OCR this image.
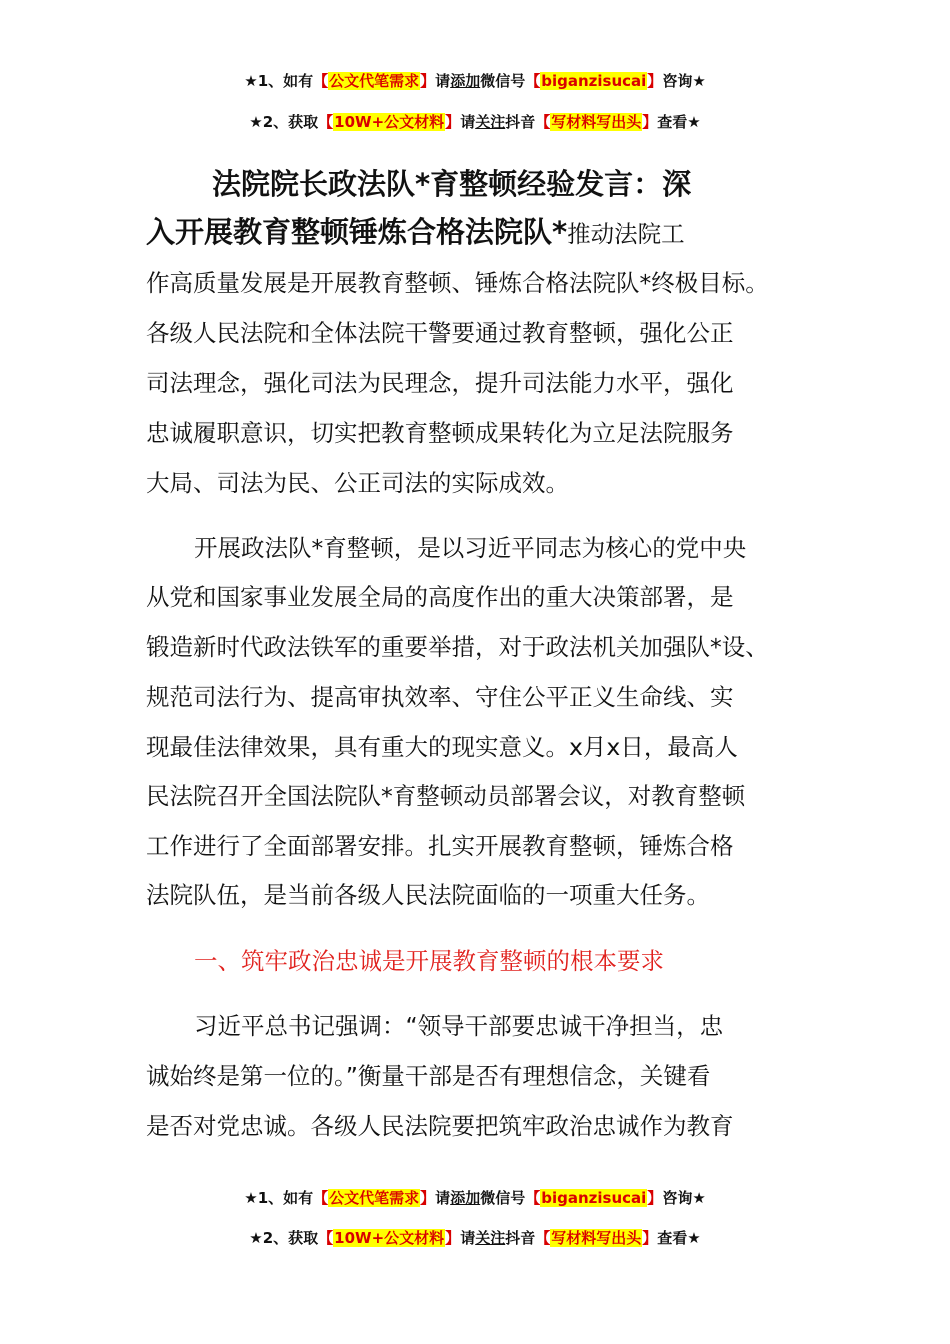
★1、如有【公文代笔需求】请添加微信号【biganzisucai】咨询★
★2、获取【10W+公文材料】请关注抖音【写材料写出头】查看★
法院院长政法队*育整顿经验发言：深
入开展教育整顿锤炼合格法院队*推动法院工
作高质量发展是开展教育整顿、锤炼合格法院队*终极目标。
各级人民法院和全体法院干警要通过教育整顿，强化公正
司法理念，强化司法为民理念，提升司法能力水平，强化
忠诚履职意识，切实把教育整顿成果转化为立足法院服务
大局、司法为民、公正司法的实际成效。
开展政法队*育整顿，是以习近平同志为核心的党中央
从党和国家事业发展全局的高度作出的重大决策部署，是
锻造新时代政法铁军的重要举措，对于政法机关加强队*设、
规范司法行为、提高审执效率、守住公平正义生命线、实
现最佳法律效果，具有重大的现实意义。x月x日，最高人
民法院召开全国法院队*育整顿动员部署会议，对教育整顿
工作进行了全面部署安排。扎实开展教育整顿，锤炼合格
法院队伍，是当前各级人民法院面临的一项重大任务。
一、筑牢政治忠诚是开展教育整顿的根本要求
习近平总书记强调：“领导干部要忠诚干净担当，忠
诚始终是第一位的。”衡量干部是否有理想信念，关键看
是否对党忠诚。各级人民法院要把筑牢政治忠诚作为教育
★1、如有【公文代笔需求】请添加微信号【biganzisucai】咨询★
★2、获取【10W+公文材料】请关注抖音【写材料写出头】查看★
